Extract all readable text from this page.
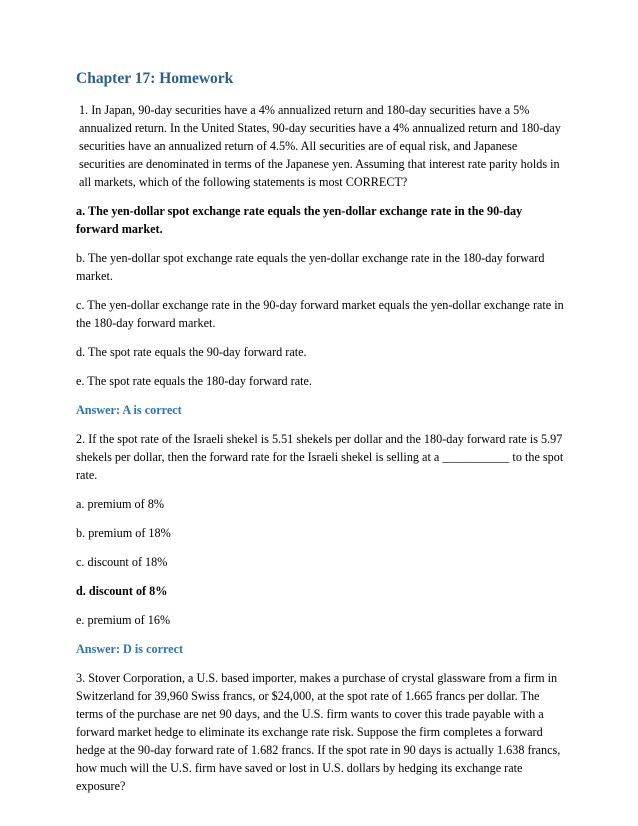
Chapter 17: Homework

1. In Japan, 90-day securities have a 4% annualized return and 180-day securities have a 5% annualized return. In the United States, 90-day securities have a 4% annualized return and 180-day securities have an annualized return of 4.5%. All securities are of equal risk, and Japanese securities are denominated in terms of the Japanese yen. Assuming that interest rate parity holds in all markets, which of the following statements is most CORRECT?

a. The yen-dollar spot exchange rate equals the yen-dollar exchange rate in the 90-day forward market.

b. The yen-dollar spot exchange rate equals the yen-dollar exchange rate in the 180-day forward market.

c. The yen-dollar exchange rate in the 90-day forward market equals the yen-dollar exchange rate in the 180-day forward market.

d. The spot rate equals the 90-day forward rate.

e. The spot rate equals the 180-day forward rate.

Answer: A is correct

2. If the spot rate of the Israeli shekel is 5.51 shekels per dollar and the 180-day forward rate is 5.97 shekels per dollar, then the forward rate for the Israeli shekel is selling at a ___________ to the spot rate.

a. premium of 8%

b. premium of 18%

c. discount of 18%

d. discount of 8%

e. premium of 16%

Answer: D is correct

3. Stover Corporation, a U.S. based importer, makes a purchase of crystal glassware from a firm in Switzerland for 39,960 Swiss francs, or $24,000, at the spot rate of 1.665 francs per dollar. The terms of the purchase are net 90 days, and the U.S. firm wants to cover this trade payable with a forward market hedge to eliminate its exchange rate risk. Suppose the firm completes a forward hedge at the 90-day forward rate of 1.682 francs. If the spot rate in 90 days is actually 1.638 francs, how much will the U.S. firm have saved or lost in U.S. dollars by hedging its exchange rate exposure?
